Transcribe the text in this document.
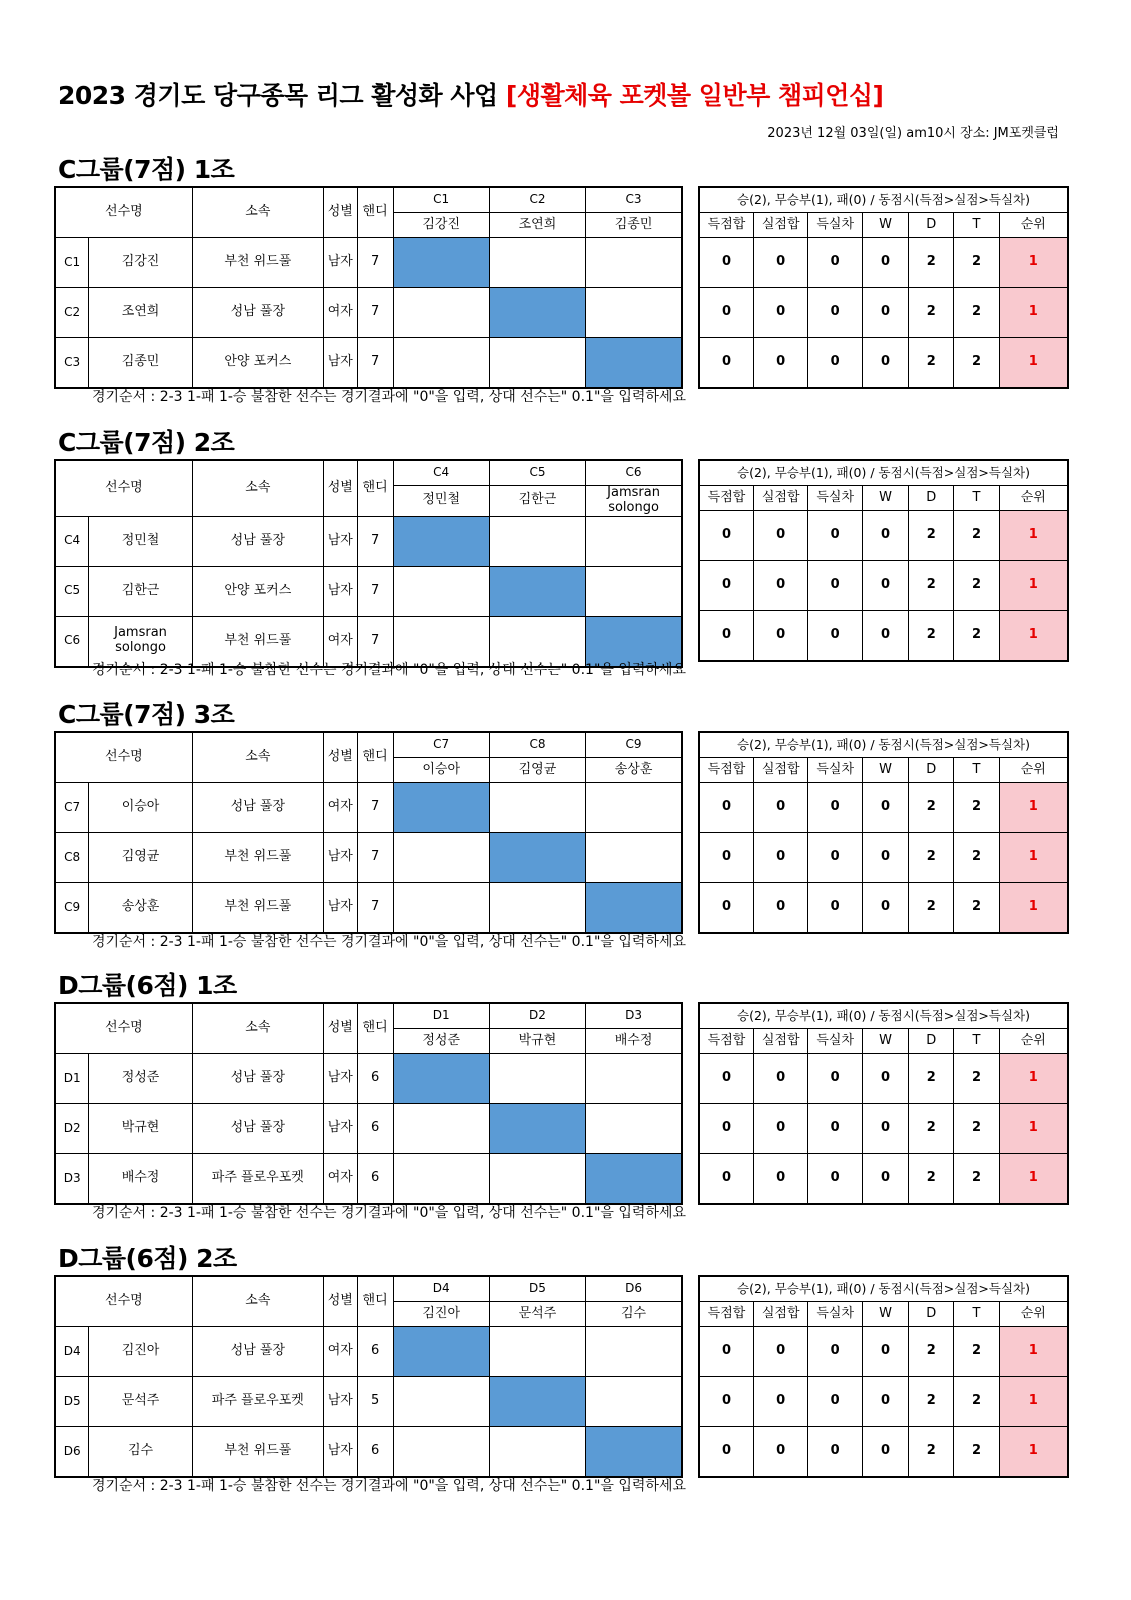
2023 경기도 당구종목 리그 활성화 사업 [생활체육 포켓볼 일반부 챔피언십]
2023년 12월 03일(일) am10시 장소: JM포켓클럽
C그룹(7점) 1조
선수명		소속	성별	핸디	C1	C2	C3
					김강진	조연희	김종민
C1	김강진	부천 위드풀	남자	7			
C2	조연희	성남 풀장	여자	7			
C3	김종민	안양 포커스	남자	7			
승(2), 무승부(1), 패(0) / 동점시(득점>실점>득실차)						
득점합	실점합	득실차	W	D	T	순위
0	0	0	0	2	2	1
0	0	0	0	2	2	1
0	0	0	0	2	2	1
경기순서 : 2-3 1-패 1-승 불참한 선수는 경기결과에 "0"을 입력, 상대 선수는" 0.1"을 입력하세요
C그룹(7점) 2조
선수명		소속	성별	핸디	C4	C5	C6
					정민철	김한근	Jamsran solongo
C4	정민철	성남 풀장	남자	7			
C5	김한근	안양 포커스	남자	7			
C6	Jamsran solongo	부천 위드풀	여자	7			
승(2), 무승부(1), 패(0) / 동점시(득점>실점>득실차)						
득점합	실점합	득실차	W	D	T	순위
0	0	0	0	2	2	1
0	0	0	0	2	2	1
0	0	0	0	2	2	1
경기순서 : 2-3 1-패 1-승 불참한 선수는 경기결과에 "0"을 입력, 상대 선수는" 0.1"을 입력하세요
C그룹(7점) 3조
선수명		소속	성별	핸디	C7	C8	C9
					이승아	김영균	송상훈
C7	이승아	성남 풀장	여자	7			
C8	김영균	부천 위드풀	남자	7			
C9	송상훈	부천 위드풀	남자	7			
승(2), 무승부(1), 패(0) / 동점시(득점>실점>득실차)						
득점합	실점합	득실차	W	D	T	순위
0	0	0	0	2	2	1
0	0	0	0	2	2	1
0	0	0	0	2	2	1
경기순서 : 2-3 1-패 1-승 불참한 선수는 경기결과에 "0"을 입력, 상대 선수는" 0.1"을 입력하세요
D그룹(6점) 1조
선수명		소속	성별	핸디	D1	D2	D3
					정성준	박규현	배수정
D1	정성준	성남 풀장	남자	6			
D2	박규현	성남 풀장	남자	6			
D3	배수정	파주 플로우포켓	여자	6			
승(2), 무승부(1), 패(0) / 동점시(득점>실점>득실차)						
득점합	실점합	득실차	W	D	T	순위
0	0	0	0	2	2	1
0	0	0	0	2	2	1
0	0	0	0	2	2	1
경기순서 : 2-3 1-패 1-승 불참한 선수는 경기결과에 "0"을 입력, 상대 선수는" 0.1"을 입력하세요
D그룹(6점) 2조
선수명		소속	성별	핸디	D4	D5	D6
					김진아	문석주	김수
D4	김진아	성남 풀장	여자	6			
D5	문석주	파주 플로우포켓	남자	5			
D6	김수	부천 위드풀	남자	6			
승(2), 무승부(1), 패(0) / 동점시(득점>실점>득실차)						
득점합	실점합	득실차	W	D	T	순위
0	0	0	0	2	2	1
0	0	0	0	2	2	1
0	0	0	0	2	2	1
경기순서 : 2-3 1-패 1-승 불참한 선수는 경기결과에 "0"을 입력, 상대 선수는" 0.1"을 입력하세요
